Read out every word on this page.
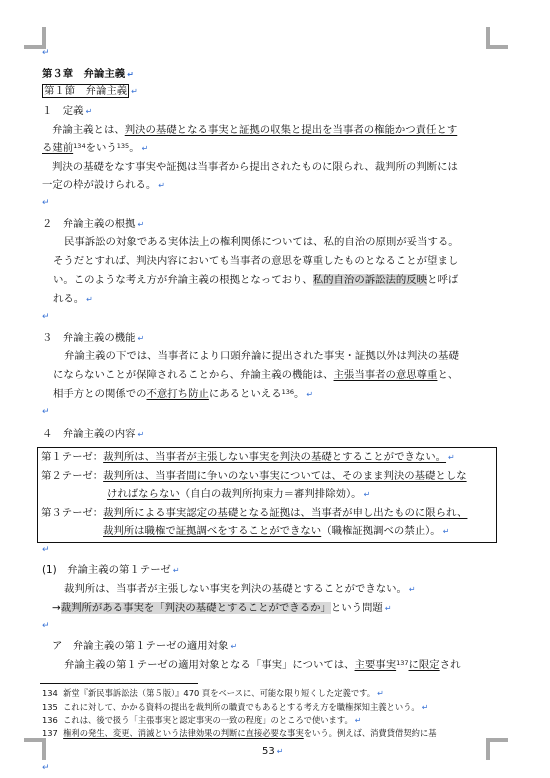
↵
第３章　弁論主義 ↵
第１節　弁論主義 ↵
１　定義 ↵
弁論主義とは、判決の基礎となる事実と証拠の収集と提出を当事者の権能かつ責任とす
る建前$^{134}$をいう$^{135}$。 ↵
判決の基礎をなす事実や証拠は当事者から提出されたものに限られ、裁判所の判断には
一定の枠が設けられる。 ↵
↵
２　弁論主義の根拠 ↵
民事訴訟の対象である実体法上の権利関係については、私的自治の原則が妥当する。
そうだとすれば、判決内容においても当事者の意思を尊重したものとなることが望まし
い。このような考え方が弁論主義の根拠となっており、私的自治の訴訟法的反映と呼ば
れる。 ↵
↵
３　弁論主義の機能 ↵
弁論主義の下では、当事者により口頭弁論に提出された事実・証拠以外は判決の基礎
にならないことが保障されることから、弁論主義の機能は、主張当事者の意思尊重と、
相手方との関係での不意打ち防止にあるといえる$^{136}$。 ↵
↵
４　弁論主義の内容 ↵
第１テーゼ：裁判所は、当事者が主張しない事実を判決の基礎とすることができない。 ↵
第２テーゼ：裁判所は、当事者間に争いのない事実については、そのまま判決の基礎としな
ければならない（自白の裁判所拘束力＝審判排除効）。 ↵
第３テーゼ：裁判所による事実認定の基礎となる証拠は、当事者が申し出たものに限られ、
裁判所は職権で証拠調べをすることができない（職権証拠調べの禁止）。 ↵
↵
(1)　弁論主義の第１テーゼ ↵
裁判所は、当事者が主張しない事実を判決の基礎とすることができない。 ↵
→裁判所がある事実を「判決の基礎とすることができるか」という問題 ↵
↵
ア　弁論主義の第１テーゼの適用対象 ↵
弁論主義の第１テーゼの適用対象となる「事実」については、主要事実$^{137}$に限定され
134 新堂『新民事訴訟法（第５版）』470 頁をベースに、可能な限り短くした定義です。 ↵
135 これに対して、かかる資料の提出を裁判所の職責でもあるとする考え方を職権探知主義という。 ↵
136 これは、後で扱う「主張事実と認定事実の一致の程度」のところで使います。 ↵
137 権利の発生、変更、消滅という法律効果の判断に直接必要な事実をいう。例えば、消費貸借契約に基
53 ↵
↵
